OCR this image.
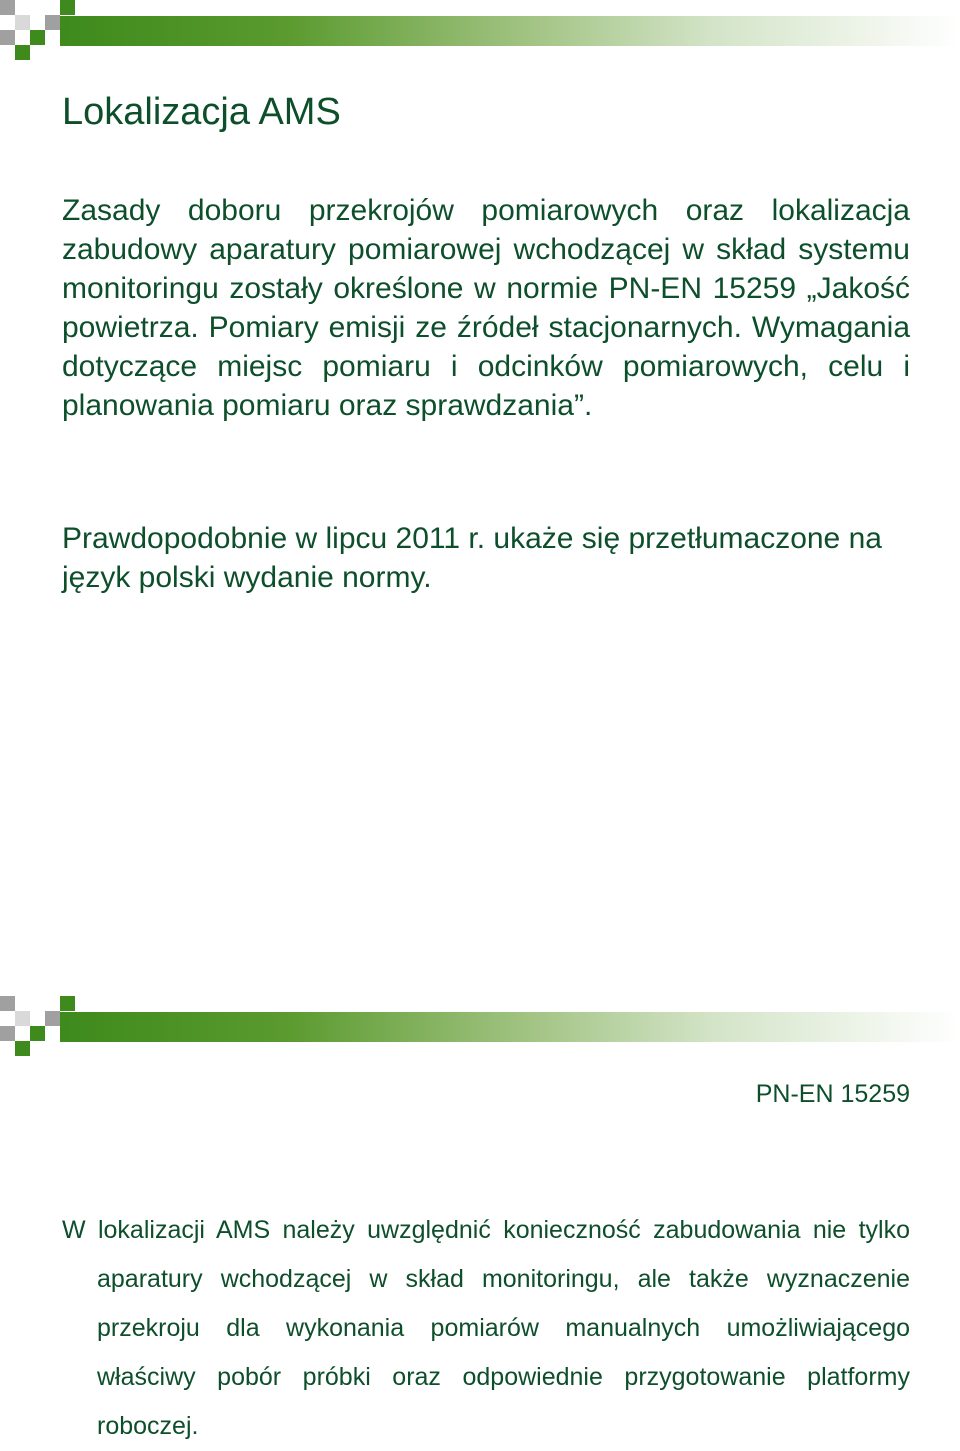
Lokalizacja AMS

Zasady doboru przekrojów pomiarowych oraz lokalizacja zabudowy aparatury pomiarowej wchodzącej w skład systemu monitoringu zostały określone w normie PN-EN 15259 „Jakość powietrza. Pomiary emisji ze źródeł stacjonarnych. Wymagania dotyczące miejsc pomiaru i odcinków pomiarowych, celu i planowania pomiaru oraz sprawdzania”.

Prawdopodobnie w lipcu 2011 r. ukaże się przetłumaczone na język polski wydanie normy.

PN-EN 15259

W lokalizacji AMS należy uwzględnić konieczność zabudowania nie tylko aparatury wchodzącej w skład monitoringu, ale także wyznaczenie przekroju dla wykonania pomiarów manualnych umożliwiającego właściwy pobór próbki oraz odpowiednie przygotowanie platformy roboczej.
